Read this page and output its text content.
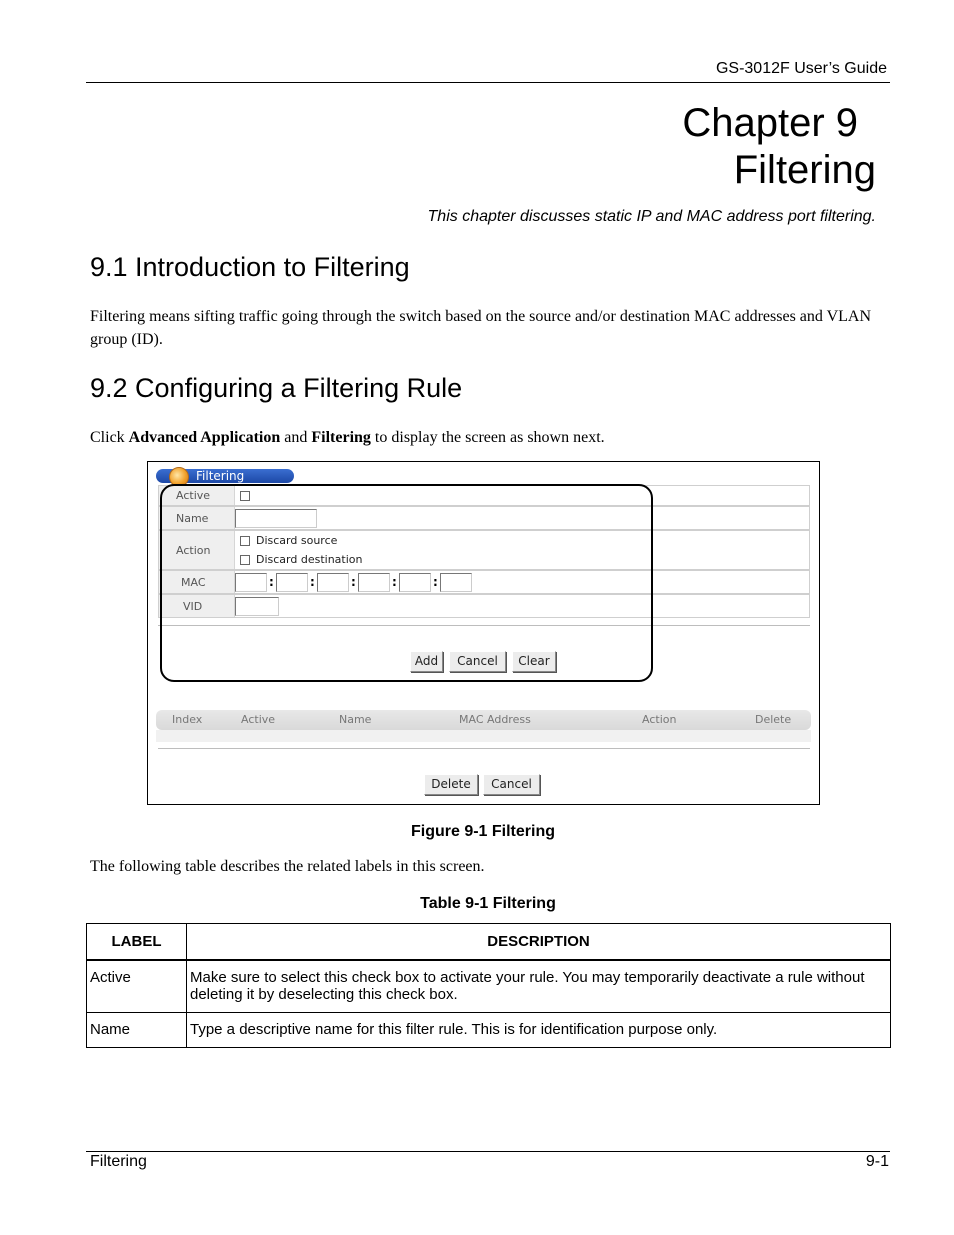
GS-3012F User’s Guide
Chapter 9
Filtering
This chapter discusses static IP and MAC address port filtering.
9.1 Introduction to Filtering
Filtering means sifting traffic going through the switch based on the source and/or destination MAC addresses and VLAN group (ID).
9.2 Configuring a Filtering Rule
Click Advanced Application and Filtering to display the screen as shown next.
Filtering
Active
Name
Action
Discard source
Discard destination
MAC	:	:	:	:	:
VID
Add	Cancel	Clear
Index	Active	Name	MAC Address	Action	Delete
Delete	Cancel
Figure 9-1 Filtering
The following table describes the related labels in this screen.
Table 9-1 Filtering
LABEL	DESCRIPTION
Active	Make sure to select this check box to activate your rule. You may temporarily deactivate a rule without deleting it by deselecting this check box.
Name	Type a descriptive name for this filter rule. This is for identification purpose only.
Filtering	9-1
